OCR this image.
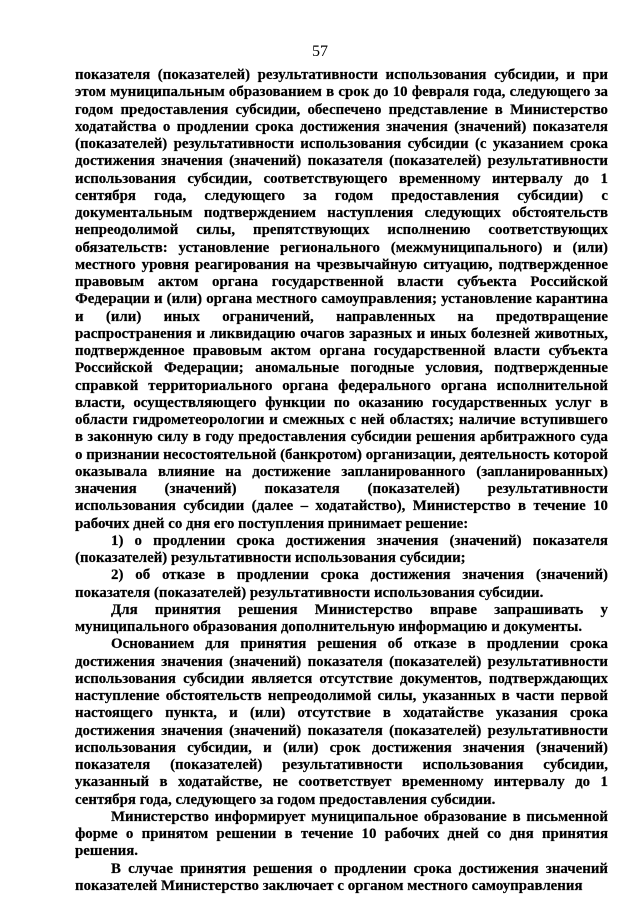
57

показателя (показателей) результативности использования субсидии, и при этом муниципальным образованием в срок до 10 февраля года, следующего за годом предоставления субсидии, обеспечено представление в Министерство ходатайства о продлении срока достижения значения (значений) показателя (показателей) результативности использования субсидии (с указанием срока достижения значения (значений) показателя (показателей) результативности использования субсидии, соответствующего временному интервалу до 1 сентября года, следующего за годом предоставления субсидии) с документальным подтверждением наступления следующих обстоятельств непреодолимой силы, препятствующих исполнению соответствующих обязательств: установление регионального (межмуниципального) и (или) местного уровня реагирования на чрезвычайную ситуацию, подтвержденное правовым актом органа государственной власти субъекта Российской Федерации и (или) органа местного самоуправления; установление карантина и (или) иных ограничений, направленных на предотвращение распространения и ликвидацию очагов заразных и иных болезней животных, подтвержденное правовым актом органа государственной власти субъекта Российской Федерации; аномальные погодные условия, подтвержденные справкой территориального органа федерального органа исполнительной власти, осуществляющего функции по оказанию государственных услуг в области гидрометеорологии и смежных с ней областях; наличие вступившего в законную силу в году предоставления субсидии решения арбитражного суда о признании несостоятельной (банкротом) организации, деятельность которой оказывала влияние на достижение запланированного (запланированных) значения (значений) показателя (показателей) результативности использования субсидии (далее – ходатайство), Министерство в течение 10 рабочих дней со дня его поступления принимает решение:

1) о продлении срока достижения значения (значений) показателя (показателей) результативности использования субсидии;

2) об отказе в продлении срока достижения значения (значений) показателя (показателей) результативности использования субсидии.

Для принятия решения Министерство вправе запрашивать у муниципального образования дополнительную информацию и документы.

Основанием для принятия решения об отказе в продлении срока достижения значения (значений) показателя (показателей) результативности использования субсидии является отсутствие документов, подтверждающих наступление обстоятельств непреодолимой силы, указанных в части первой настоящего пункта, и (или) отсутствие в ходатайстве указания срока достижения значения (значений) показателя (показателей) результативности использования субсидии, и (или) срок достижения значения (значений) показателя (показателей) результативности использования субсидии, указанный в ходатайстве, не соответствует временному интервалу до 1 сентября года, следующего за годом предоставления субсидии.

Министерство информирует муниципальное образование в письменной форме о принятом решении в течение 10 рабочих дней со дня принятия решения.

В случае принятия решения о продлении срока достижения значений показателей Министерство заключает с органом местного самоуправления
